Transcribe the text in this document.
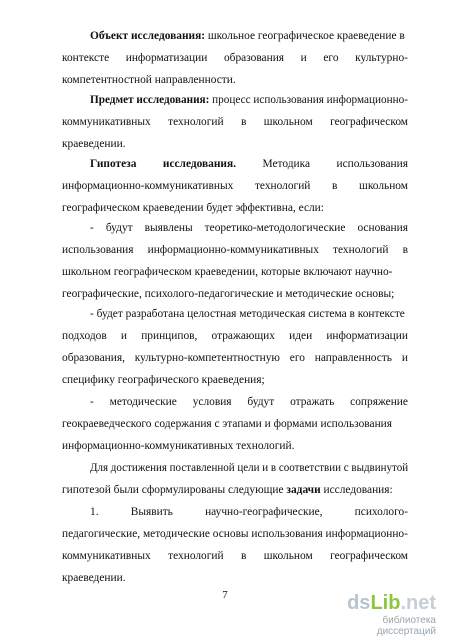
Объект исследования: школьное географическое краеведение в
контексте информатизации образования и его культурно-
компетентностной направленности.
Предмет исследования: процесс использования информационно-
коммуникативных технологий в школьном географическом
краеведении.
Гипотеза исследования. Методика использования
информационно-коммуникативных технологий в школьном
географическом краеведении будет эффективна, если:
- будут выявлены теоретико-методологические основания
использования информационно-коммуникативных технологий в
школьном географическом краеведении, которые включают научно-
географические, психолого-педагогические и методические основы;
- будет разработана целостная методическая система в контексте
подходов и принципов, отражающих идеи информатизации
образования, культурно-компетентностную его направленность и
специфику географического краеведения;
- методические условия будут отражать сопряжение
геокраеведческого содержания с этапами и формами использования
информационно-коммуникативных технологий.
Для достижения поставленной цели и в соответствии с выдвинутой
гипотезой были сформулированы следующие задачи исследования:
1.	Выявить	научно-географические,	психолого-
педагогические, методические основы использования информационно-
коммуникативных технологий в школьном географическом
краеведении.
7	dsLib.net
библиотека диссертаций
